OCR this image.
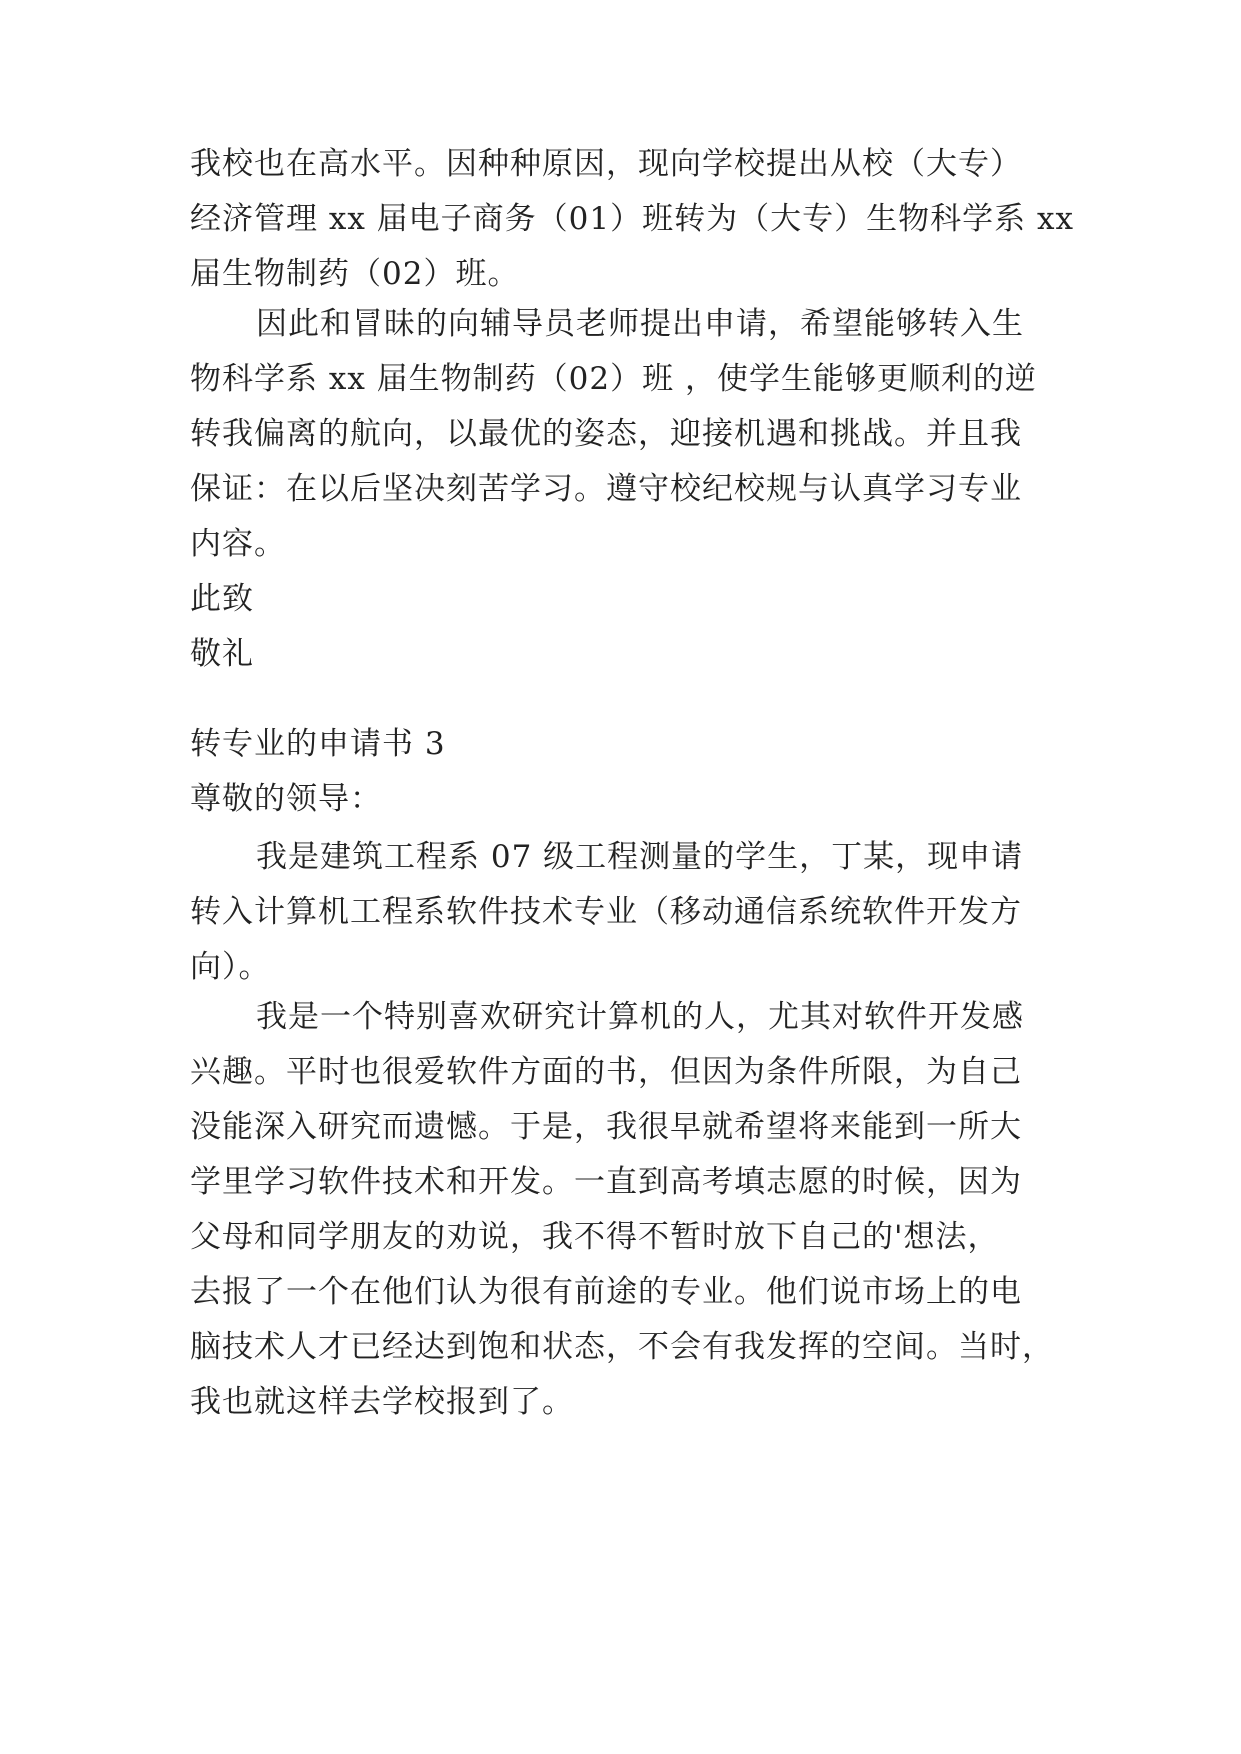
我校也在高水平。因种种原因，现向学校提出从校（大专）
经济管理 xx 届电子商务（01）班转为（大专）生物科学系 xx
届生物制药（02）班。
因此和冒昧的向辅导员老师提出申请，希望能够转入生
物科学系 xx 届生物制药（02）班 ，使学生能够更顺利的逆
转我偏离的航向，以最优的姿态，迎接机遇和挑战。并且我
保证：在以后坚决刻苦学习。遵守校纪校规与认真学习专业
内容。
此致
敬礼
转专业的申请书 3
尊敬的领导：
我是建筑工程系 07 级工程测量的学生，丁某，现申请
转入计算机工程系软件技术专业（移动通信系统软件开发方
向）。
我是一个特别喜欢研究计算机的人，尤其对软件开发感
兴趣。平时也很爱软件方面的书，但因为条件所限，为自己
没能深入研究而遗憾。于是，我很早就希望将来能到一所大
学里学习软件技术和开发。一直到高考填志愿的时候，因为
父母和同学朋友的劝说，我不得不暂时放下自己的'想法，
去报了一个在他们认为很有前途的专业。他们说市场上的电
脑技术人才已经达到饱和状态，不会有我发挥的空间。当时，
我也就这样去学校报到了。
